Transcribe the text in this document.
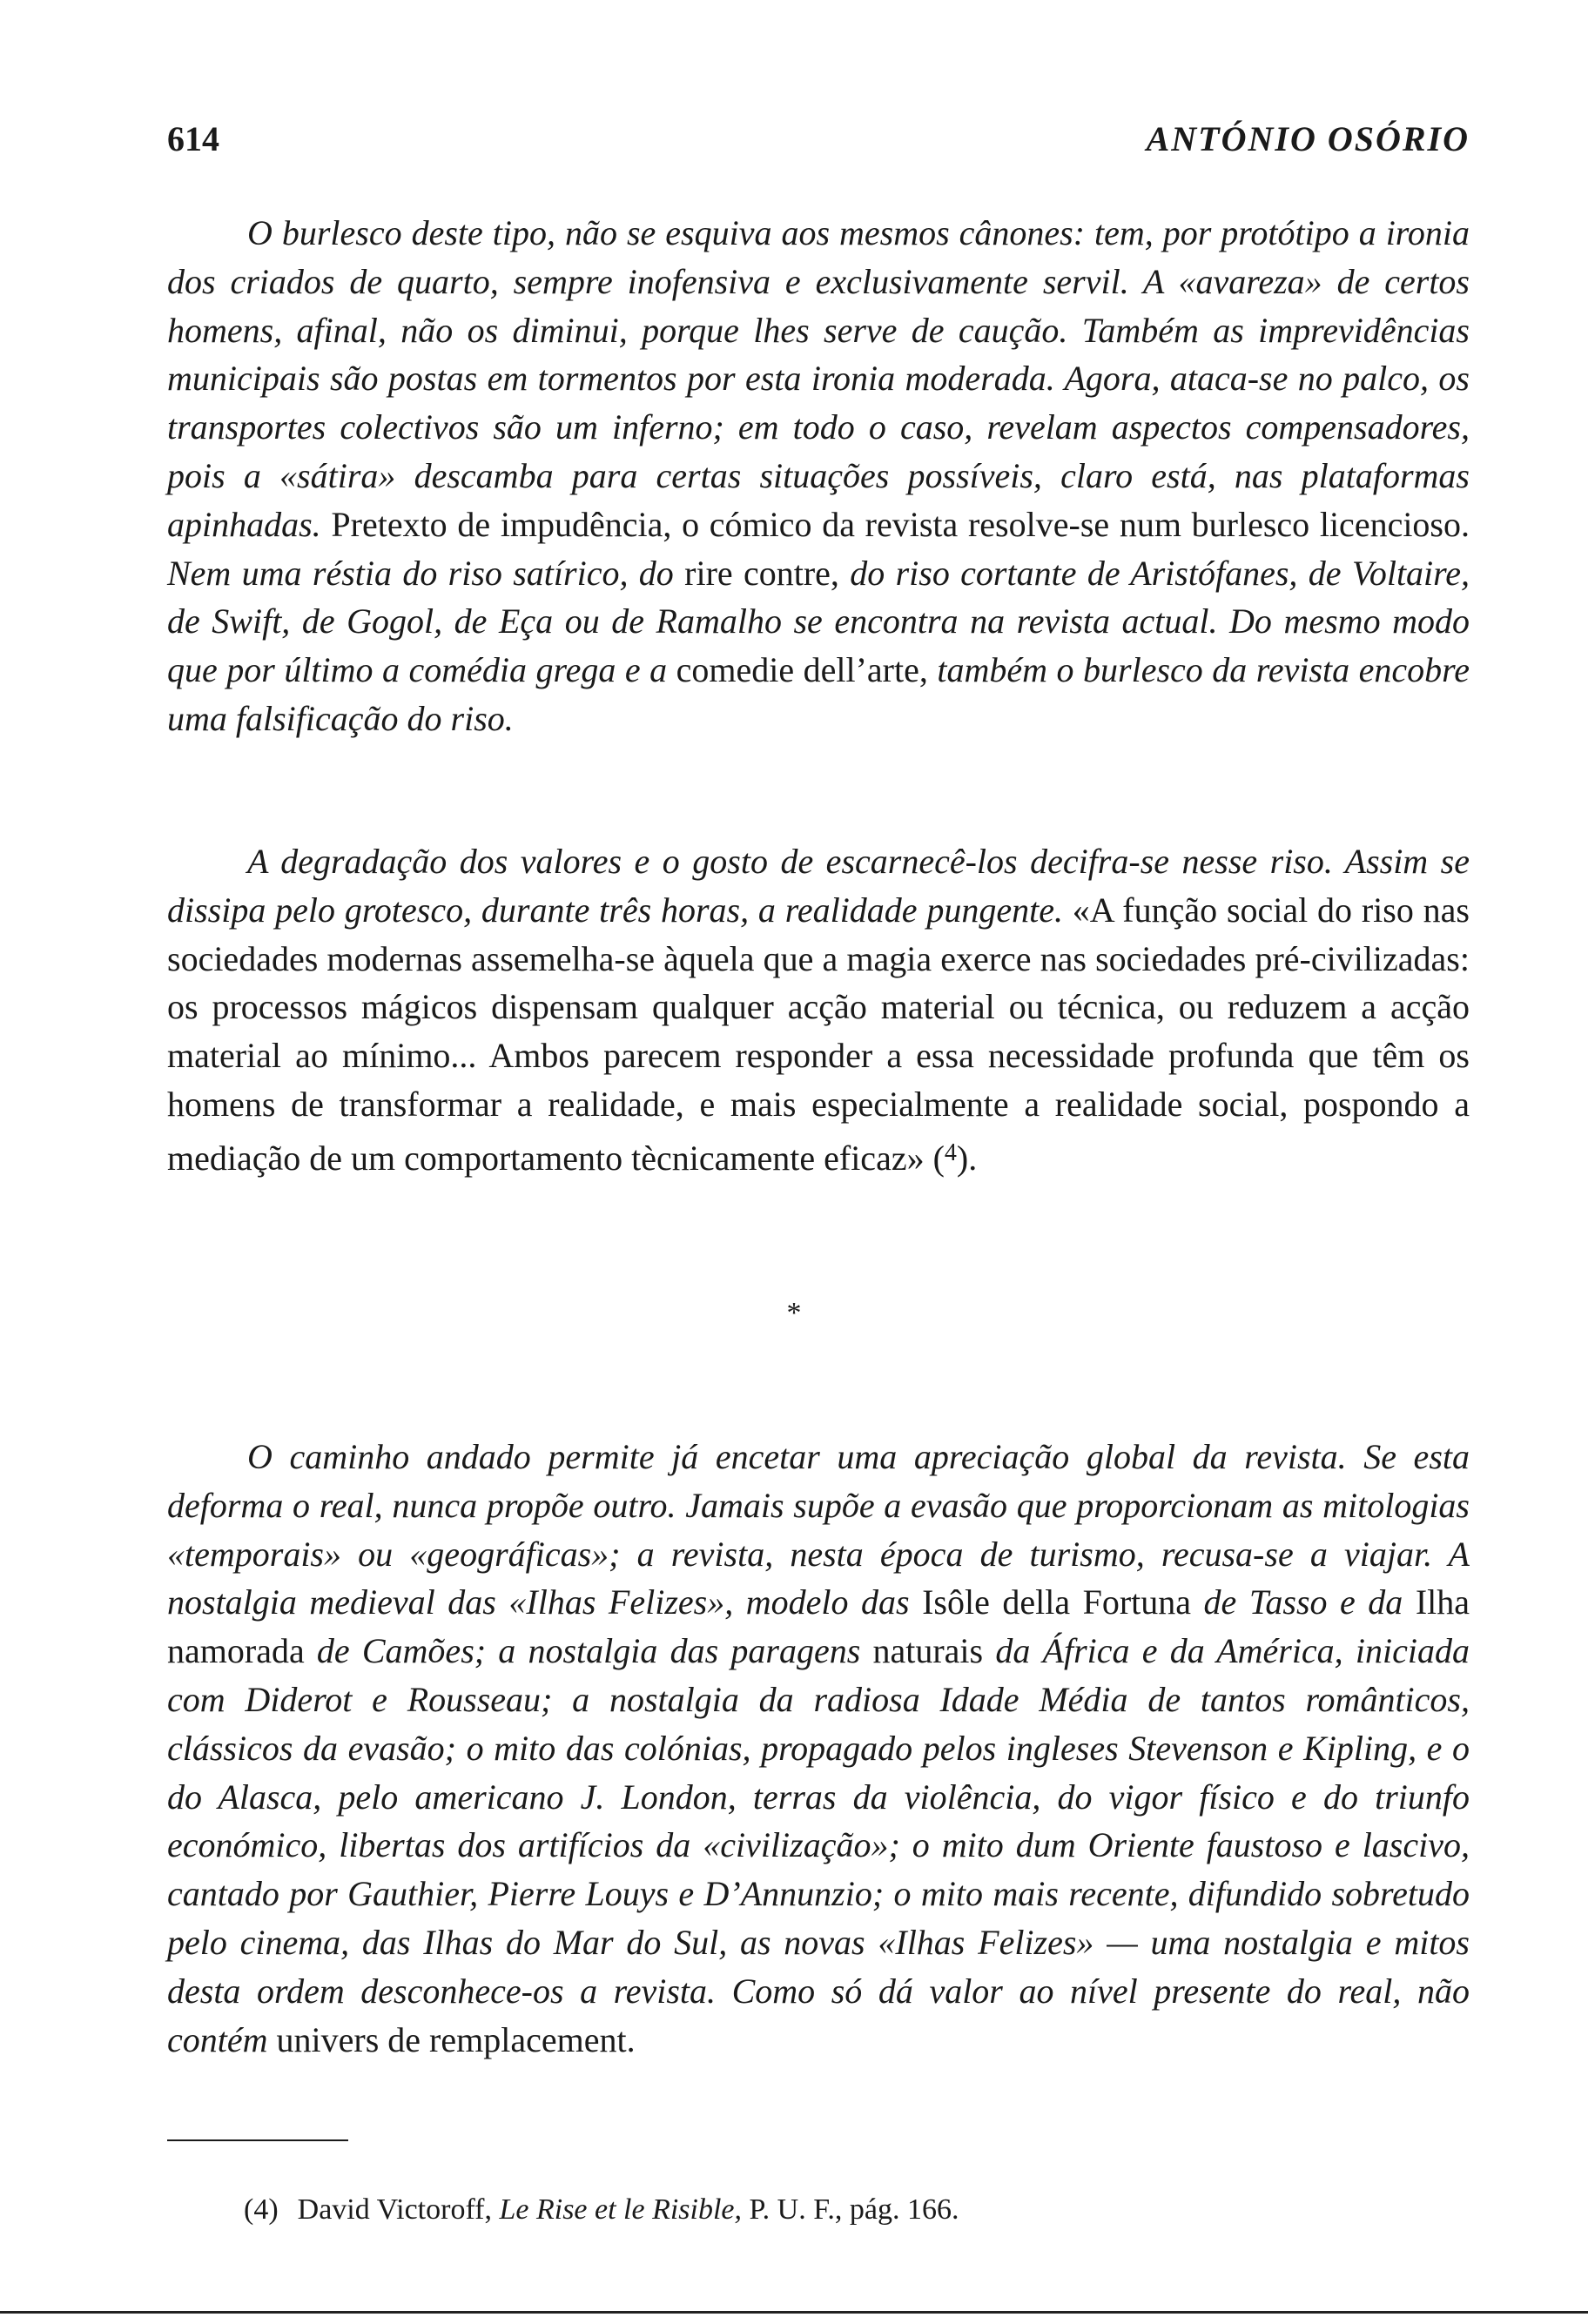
614	ANTÓNIO OSÓRIO

O burlesco deste tipo, não se esquiva aos mesmos cânones: tem, por protótipo a ironia dos criados de quarto, sempre inofensiva e exclusivamente servil. A «avareza» de certos homens, afinal, não os diminui, porque lhes serve de caução. Também as imprevidências municipais são postas em tormentos por esta ironia moderada. Agora, ataca-se no palco, os transportes colectivos são um inferno; em todo o caso, revelam aspectos compensadores, pois a «sátira» descamba para certas situações possíveis, claro está, nas plataformas apinhadas. Pretexto de impudência, o cómico da revista resolve-se num burlesco licencioso. Nem uma réstia do riso satírico, do rire contre, do riso cortante de Aristófanes, de Voltaire, de Swift, de Gogol, de Eça ou de Ramalho se encontra na revista actual. Do mesmo modo que por último a comédia grega e a comedie dell’arte, também o burlesco da revista encobre uma falsificação do riso.

A degradação dos valores e o gosto de escarnecê-los decifra-se nesse riso. Assim se dissipa pelo grotesco, durante três horas, a realidade pungente. «A função social do riso nas sociedades modernas assemelha-se àquela que a magia exerce nas sociedades pré-civilizadas: os processos mágicos dispensam qualquer acção material ou técnica, ou reduzem a acção material ao mínimo... Ambos parecem responder a essa necessidade profunda que têm os homens de transformar a realidade, e mais especialmente a realidade social, pospondo a mediação de um comportamento tècnicamente eficaz» ($^4$).

*

O caminho andado permite já encetar uma apreciação global da revista. Se esta deforma o real, nunca propõe outro. Jamais supõe a evasão que proporcionam as mitologias «temporais» ou «geográficas»; a revista, nesta época de turismo, recusa-se a viajar. A nostalgia medieval das «Ilhas Felizes», modelo das Isôle della Fortuna de Tasso e da Ilha namorada de Camões; a nostalgia das paragens naturais da África e da América, iniciada com Diderot e Rousseau; a nostalgia da radiosa Idade Média de tantos românticos, clássicos da evasão; o mito das colónias, propagado pelos ingleses Stevenson e Kipling, e o do Alasca, pelo americano J. London, terras da violência, do vigor físico e do triunfo económico, libertas dos artifícios da «civilização»; o mito dum Oriente faustoso e lascivo, cantado por Gauthier, Pierre Louys e D’Annunzio; o mito mais recente, difundido sobretudo pelo cinema, das Ilhas do Mar do Sul, as novas «Ilhas Felizes» — uma nostalgia e mitos desta ordem desconhece-os a revista. Como só dá valor ao nível presente do real, não contém univers de remplacement.

(4) David Victoroff, Le Rise et le Risible, P. U. F., pág. 166.
